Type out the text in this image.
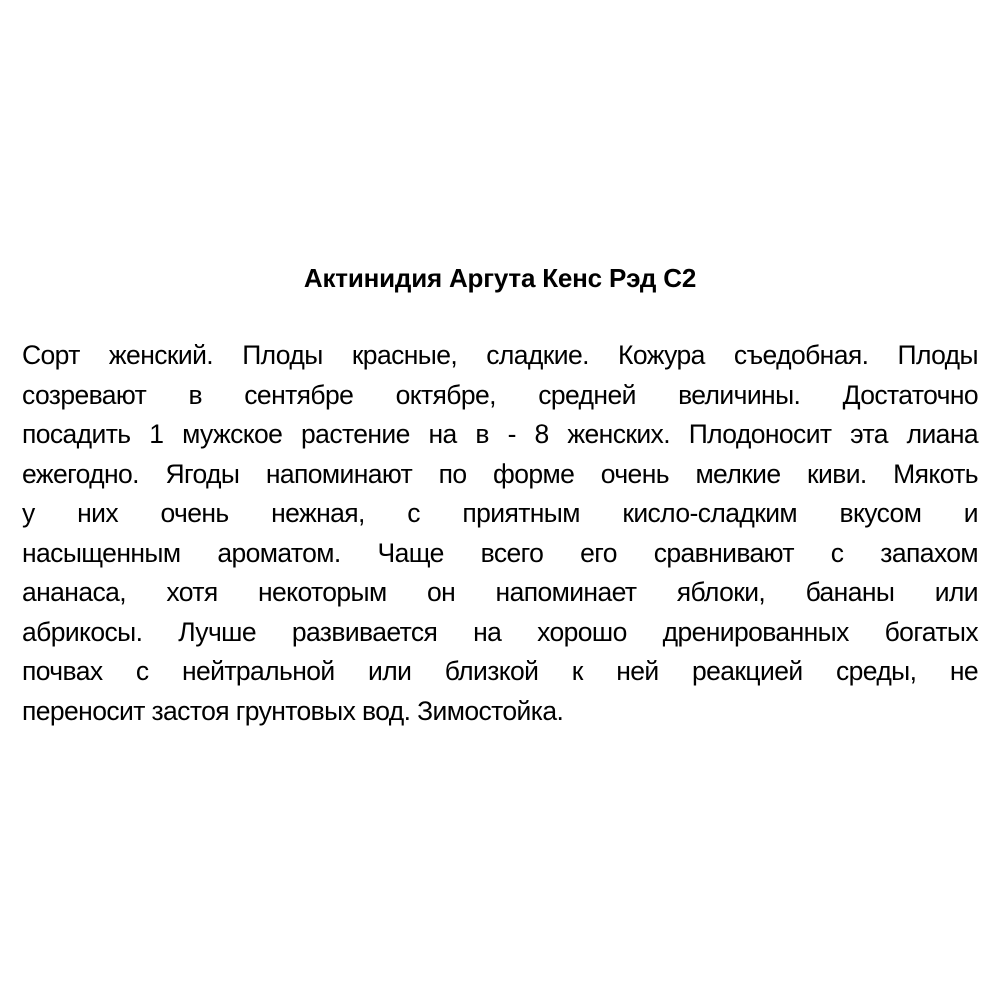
Актинидия Аргута Кенс Рэд С2
Сорт женский. Плоды красные, сладкие. Кожура съедобная. Плоды
созревают в сентябре октябре, средней величины. Достаточно
посадить 1 мужское растение на в - 8 женских. Плодоносит эта лиана
ежегодно. Ягоды напоминают по форме очень мелкие киви. Мякоть
у них очень нежная, с приятным кисло-сладким вкусом и
насыщенным ароматом. Чаще всего его сравнивают с запахом
ананаса, хотя некоторым он напоминает яблоки, бананы или
абрикосы. Лучше развивается на хорошо дренированных богатых
почвах с нейтральной или близкой к ней реакцией среды, не
переносит застоя грунтовых вод. Зимостойка.
